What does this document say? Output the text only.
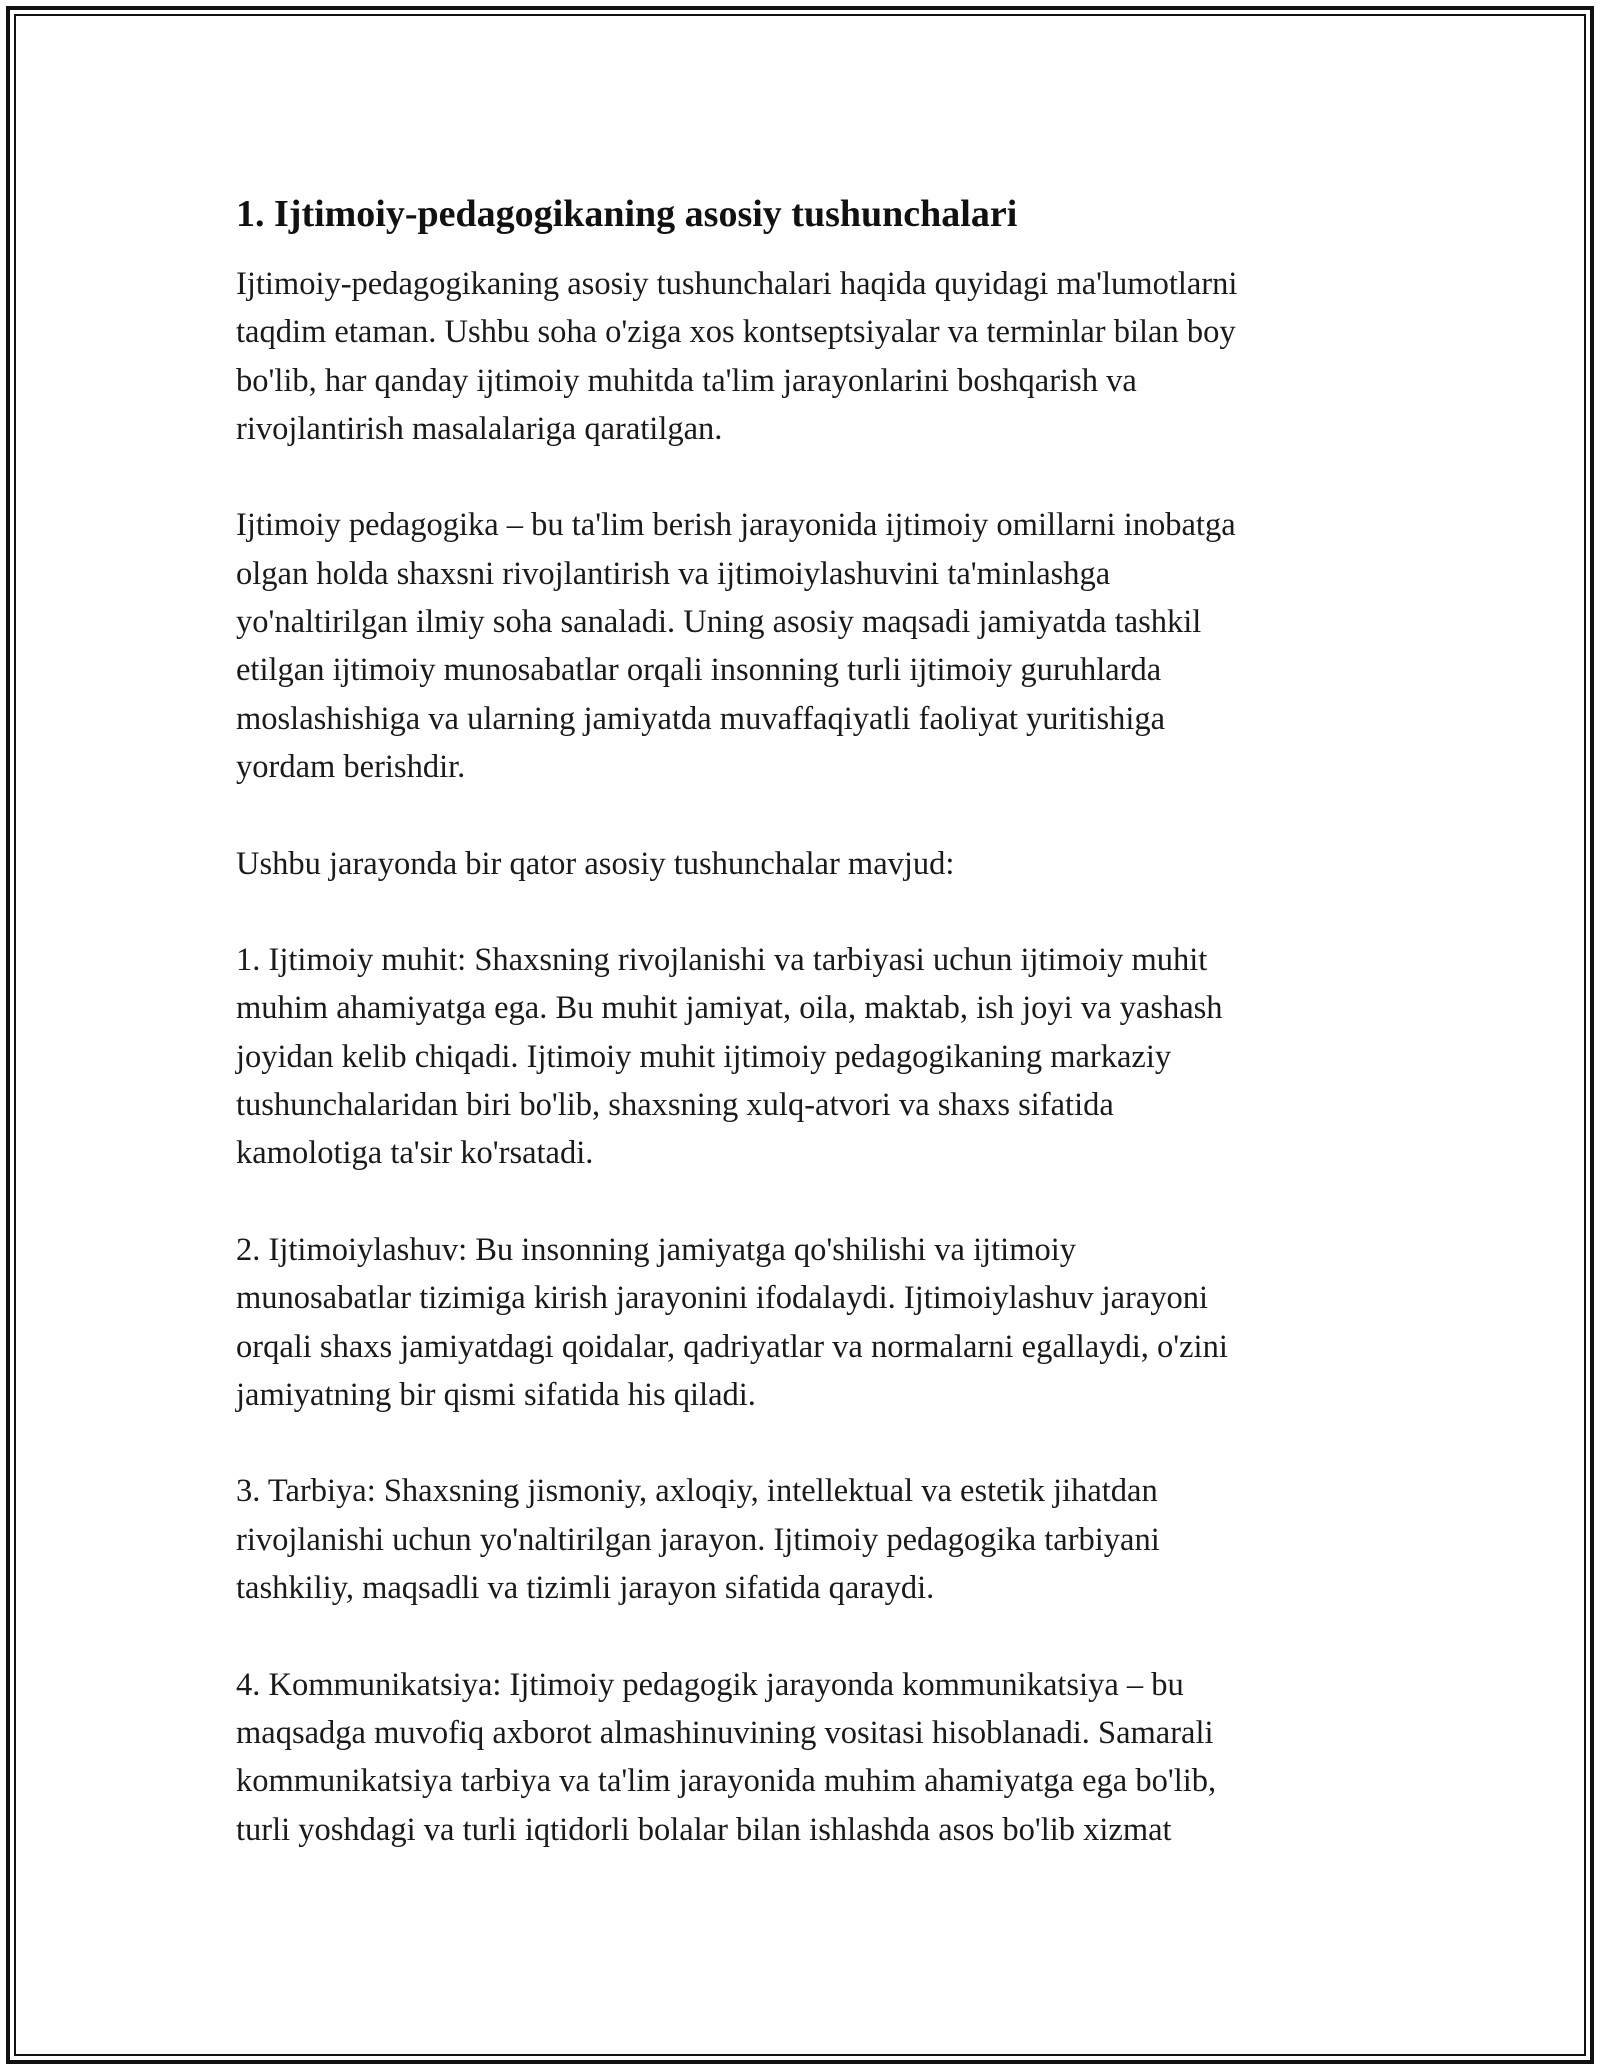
1. Ijtimoiy-pedagogikaning asosiy tushunchalari

Ijtimoiy-pedagogikaning asosiy tushunchalari haqida quyidagi ma'lumotlarni
taqdim etaman. Ushbu soha o'ziga xos kontseptsiyalar va terminlar bilan boy
bo'lib, har qanday ijtimoiy muhitda ta'lim jarayonlarini boshqarish va
rivojlantirish masalalariga qaratilgan.

Ijtimoiy pedagogika – bu ta'lim berish jarayonida ijtimoiy omillarni inobatga
olgan holda shaxsni rivojlantirish va ijtimoiylashuvini ta'minlashga
yo'naltirilgan ilmiy soha sanaladi. Uning asosiy maqsadi jamiyatda tashkil
etilgan ijtimoiy munosabatlar orqali insonning turli ijtimoiy guruhlarda
moslashishiga va ularning jamiyatda muvaffaqiyatli faoliyat yuritishiga
yordam berishdir.

Ushbu jarayonda bir qator asosiy tushunchalar mavjud:

1. Ijtimoiy muhit: Shaxsning rivojlanishi va tarbiyasi uchun ijtimoiy muhit
muhim ahamiyatga ega. Bu muhit jamiyat, oila, maktab, ish joyi va yashash
joyidan kelib chiqadi. Ijtimoiy muhit ijtimoiy pedagogikaning markaziy
tushunchalaridan biri bo'lib, shaxsning xulq-atvori va shaxs sifatida
kamolotiga ta'sir ko'rsatadi.

2. Ijtimoiylashuv: Bu insonning jamiyatga qo'shilishi va ijtimoiy
munosabatlar tizimiga kirish jarayonini ifodalaydi. Ijtimoiylashuv jarayoni
orqali shaxs jamiyatdagi qoidalar, qadriyatlar va normalarni egallaydi, o'zini
jamiyatning bir qismi sifatida his qiladi.

3. Tarbiya: Shaxsning jismoniy, axloqiy, intellektual va estetik jihatdan
rivojlanishi uchun yo'naltirilgan jarayon. Ijtimoiy pedagogika tarbiyani
tashkiliy, maqsadli va tizimli jarayon sifatida qaraydi.

4. Kommunikatsiya: Ijtimoiy pedagogik jarayonda kommunikatsiya – bu
maqsadga muvofiq axborot almashinuvining vositasi hisoblanadi. Samarali
kommunikatsiya tarbiya va ta'lim jarayonida muhim ahamiyatga ega bo'lib,
turli yoshdagi va turli iqtidorli bolalar bilan ishlashda asos bo'lib xizmat
